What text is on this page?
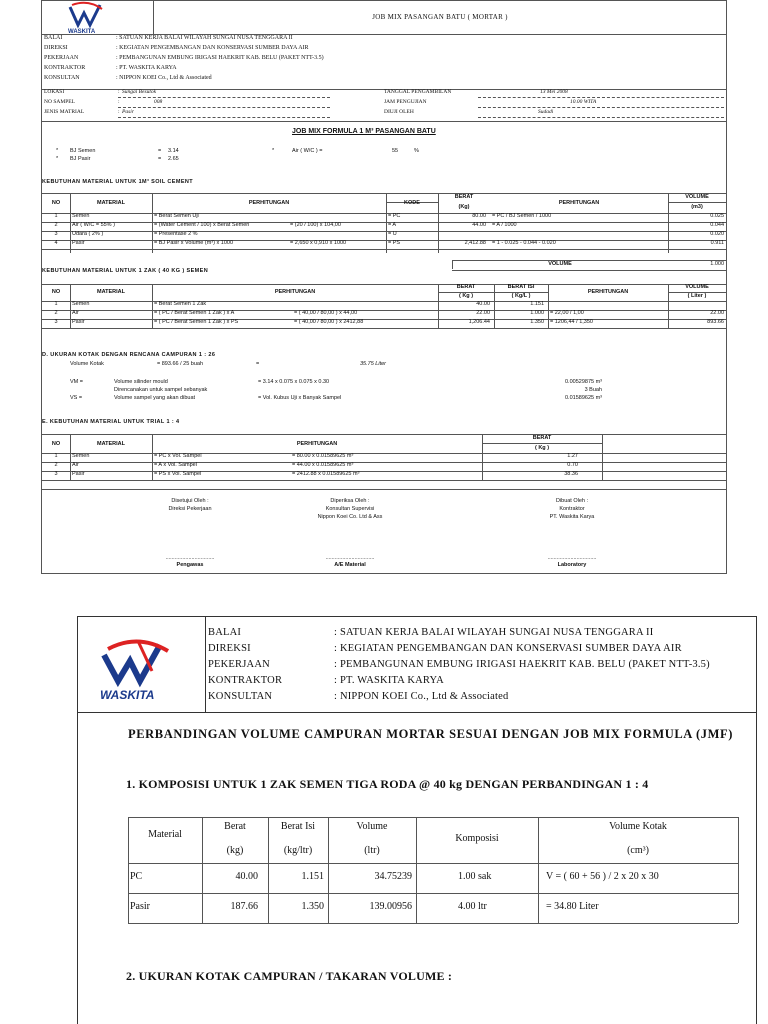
WASKITA
JOB MIX PASANGAN BATU ( MORTAR )
BALAI	: SATUAN KERJA BALAI WILAYAH SUNGAI NUSA TENGGARA II
DIREKSI	: KEGIATAN PENGEMBANGAN DAN KONSERVASI SUMBER DAYA AIR
PEKERJAAN	: PEMBANGUNAN EMBUNG IRIGASI HAEKRIT KAB. BELU (PAKET NTT-3.5)
KONTRAKTOR	: PT. WASKITA KARYA
KONSULTAN	: NIPPON KOEI Co., Ltd & Associated
LOKASI	: Sungai Besutok
NO SAMPEL	:	008
JENIS MATRIAL	: Pasir
TANGGAL PENGAMBILAN	13 Mei 2008
JAM PENGUJIAN	10.00 WITA
DIUJI OLEH	Sudadi
JOB MIX FORMULA 1 M³ PASANGAN BATU
* BJ Semen	= 3.14
* BJ Pasir	= 2.65
*	Air ( W/C ) =	55	%
KEBUTUHAN MATERIAL UNTUK 1M³ SOIL CEMENT
NO	MATERIAL	PERHITUNGAN	KODE
BERAT
(Kg)
PERHITUNGAN
VOLUME
(m3)
1	Semen	= Berat Semen Uji	= PC	80.00 = PC / BJ Semen / 1000	0.025
2	Air ( W/C = 55% )	= (Water Cement / 100) x Berat Semen	= (20 / 100) x 104,00	= A	44.00 = A / 1000	0.044
3	Udara ( 2% )	= Presentase 2 %	= U	0.020
4	Pasir	= BJ Pasir x Volume (m³) x 1000	= 2,650 x 0,910 x 1000	= PS	2,412.88 = 1 - 0.025 - 0.044 - 0.020	0.911
VOLUME	1.000
KEBUTUHAN MATERIAL UNTUK 1 ZAK ( 40 KG ) SEMEN
NO	MATERIAL	PERHITUNGAN
BERAT
( Kg )
BERAT ISI
( Kg/L )
PERHITUNGAN
VOLUME
( Liter )
1	Semen	= Berat Semen 1 Zak	40.00	1.151
2	Air	= ( PC / Berat Semen 1 Zak ) x A	= ( 40,00 / 80,00 ) x 44,00	22.00	1.000 = 22,00 / 1,00	22.00
3	Pasir	= ( PC / Berat Semen 1 Zak ) x PS	= ( 40,00 / 80,00 ) x 2412,88	1,206.44	1.350 = 1206,44 / 1,350	893.66
D. UKURAN KOTAK DENGAN RENCANA CAMPURAN 1 : 26
Volume Kotak	= 893.66 / 25 buah	=	35.75 Liter
VM =	Volume silinder mould	= 3.14 x 0.075 x 0.075 x 0.30	0.00529875 m³
Direncanakan untuk sampel sebanyak	3 Buah
VS =	Volume sampel yang akan dibuat	= Vol. Kubus Uji x Banyak Sampel	0.01589625 m³
E. KEBUTUHAN MATERIAL UNTUK TRIAL 1 : 4
NO	MATERIAL	PERHITUNGAN
BERAT
( Kg )
1	Semen	= PC x Vol. Sampel	= 80.00 x 0.01589625 m³	1.27
2	Air	= A x Vol. Sampel	= 44.00 x 0.01589625 m³	0.70
3	Pasir	= PS x Vol. Sampel	= 2412.88 x 0.01589625 m³	38.36
Disetujui Oleh :
Direksi Pekerjaan
................................
Pengawas
Diperiksa Oleh :
Konsultan Supervisi
Nippon Koei Co. Ltd & Ass
................................
A/E Material
Dibuat Oleh :
Kontraktor
PT. Waskita Karya
................................
Laboratory
WASKITA
BALAI	: SATUAN KERJA BALAI WILAYAH SUNGAI NUSA TENGGARA II
DIREKSI	: KEGIATAN PENGEMBANGAN DAN KONSERVASI SUMBER DAYA AIR
PEKERJAAN	: PEMBANGUNAN EMBUNG IRIGASI HAEKRIT KAB. BELU (PAKET NTT-3.5)
KONTRAKTOR	: PT. WASKITA KARYA
KONSULTAN	: NIPPON KOEI Co., Ltd & Associated
PERBANDINGAN VOLUME CAMPURAN MORTAR SESUAI DENGAN JOB MIX FORMULA (JMF)
1. KOMPOSISI UNTUK 1 ZAK SEMEN TIGA RODA @ 40 kg DENGAN PERBANDINGAN 1 : 4
Material
Berat
(kg)
Berat Isi
(kg/ltr)
Volume
(ltr)
Komposisi
Volume Kotak
(cm³)
PC	40.00	1.151	34.75239	1.00 sak	V = ( 60 + 56 ) / 2 x 20 x 30
Pasir	187.66	1.350	139.00956	4.00 ltr	= 34.80 Liter
2. UKURAN KOTAK CAMPURAN / TAKARAN VOLUME :
